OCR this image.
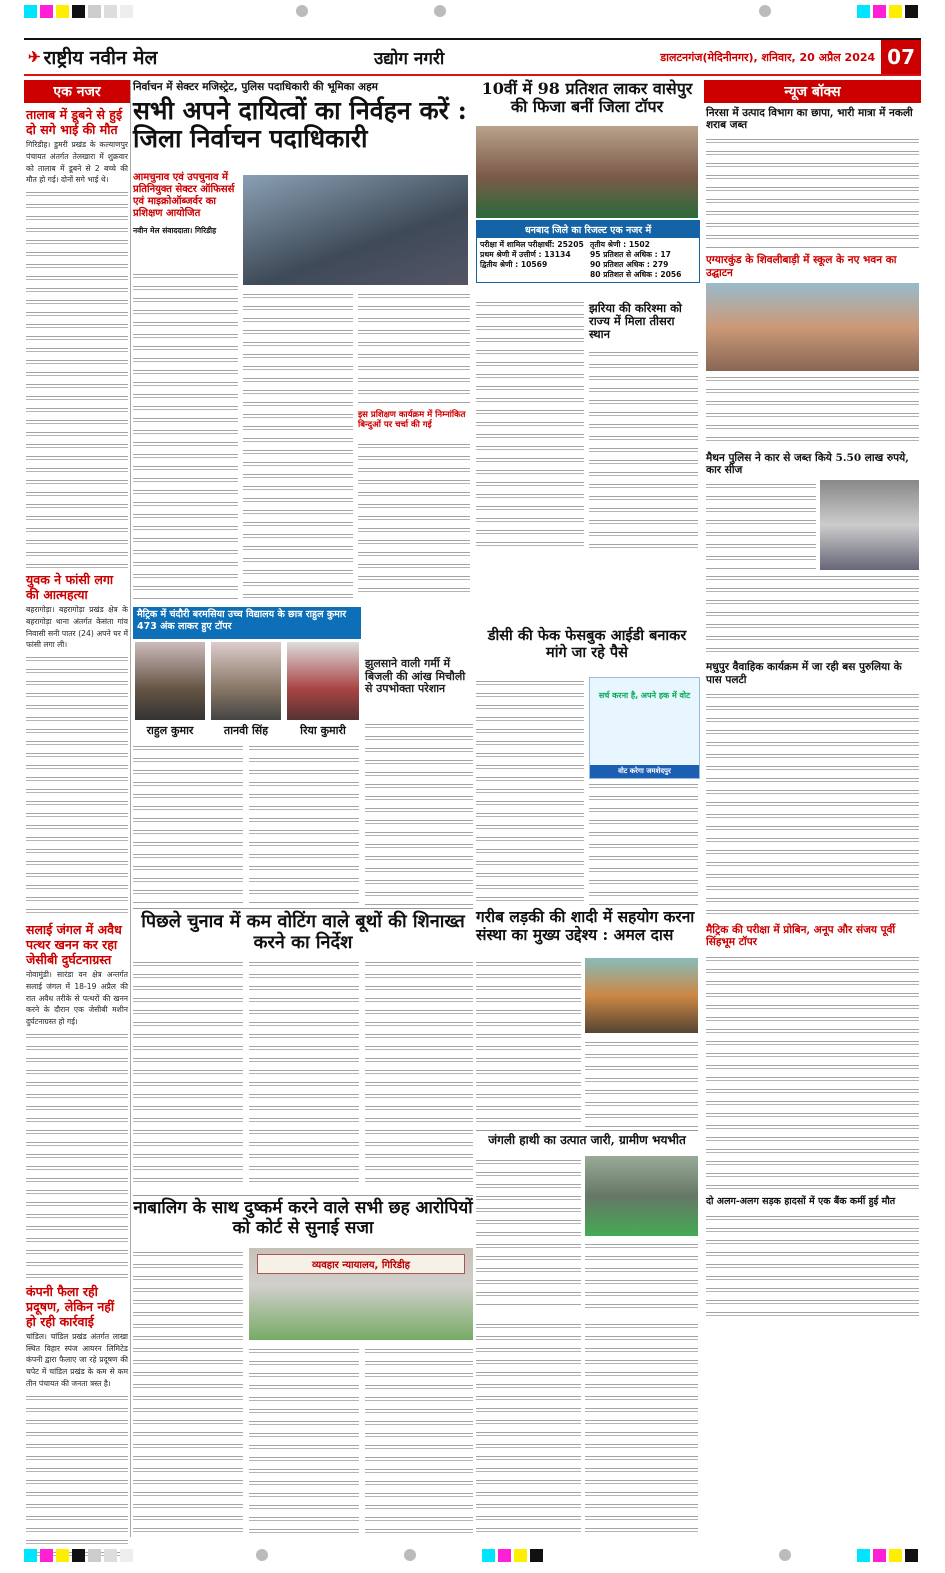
✈ राष्ट्रीय नवीन मेल	उद्योग नगरी	डालटनगंज(मेदिनीनगर), शनिवार, 20 अप्रैल 2024 07
एक नजर
तालाब में डूबने से हुई दो सगे भाई की मौत
गिरिडीह। डुमरी प्रखंड के कल्याणपुर पंचायत अंतर्गत तेलखारा में शुक्रवार को तालाब में डूबने से 2 बच्चे की मौत हो गई। दोनों सगे भाई थे।
युवक ने फांसी लगा की आत्महत्या
बहरागोड़ा। बहरागोड़ा प्रखंड क्षेत्र के बहरागोड़ा थाना अंतर्गत केसंता गांव निवासी सनी पातर (24) अपने घर में फांसी लगा ली।
सलाई जंगल में अवैध पत्थर खनन कर रहा जेसीबी दुर्घटनाग्रस्त
नोवामुंडी। सारंडा वन क्षेत्र अन्तर्गत सलाई जंगल में 18-19 अप्रैल की रात अवैध तरीके से पत्थरों की खनन करने के दौरान एक जेसीबी मशीन दुर्घटनाग्रस्त हो गई।
कंपनी फैला रही प्रदूषण, लेकिन नहीं हो रही कार्रवाई
चांडिल। चांडिल प्रखंड अंतर्गत लाखा स्थित विहार स्पंज आयरन लिमिटेड कंपनी द्वारा फैलाए जा रहे प्रदूषण की चपेट में चांडिल प्रखंड के कम से कम तीन पंचायत की जनता त्रस्त है।
निर्वाचन में सेक्टर मजिस्ट्रेट, पुलिस पदाधिकारी की भूमिका अहम
सभी अपने दायित्वों का निर्वहन करें : जिला निर्वाचन पदाधिकारी
आमचुनाव एवं उपचुनाव में प्रतिनियुक्त सेक्टर ऑफिसर्स एवं माइक्रोऑब्जर्वर का प्रशिक्षण आयोजित
नवीन मेल संवाददाता। गिरिडीह
इस प्रशिक्षण कार्यक्रम में निम्नांकित बिन्दुओं पर चर्चा की गई
10वीं में 98 प्रतिशत लाकर वासेपुर की फिजा बनीं जिला टॉपर
धनबाद जिले का रिजल्ट एक नजर में
परीक्षा में शामिल परीक्षार्थी: 25205
प्रथम श्रेणी में उत्तीर्ण : 13134
द्वितीय श्रेणी : 10569
तृतीय श्रेणी : 1502
95 प्रतिशत से अधिक : 17
90 प्रतिशत अधिक : 279
80 प्रतिशत से अधिक : 2056
झरिया की करिश्मा को राज्य में मिला तीसरा स्थान
मैट्रिक में चंदौरी बरमसिया उच्च विद्यालय के छात्र राहुल कुमार 473 अंक लाकर हुए टॉपर
राहुल कुमार	तानवी सिंह	रिया कुमारी
झुलसाने वाली गर्मी में बिजली की आंख मिचौली से उपभोक्ता परेशान
डीसी की फेक फेसबुक आईडी बनाकर मांगे जा रहे पैसे
सर्च करना है, अपने हक में वोट
वोट करेगा जमशेदपुर
पिछले चुनाव में कम वोटिंग वाले बूथों की शिनाख्त करने का निर्देश
गरीब लड़की की शादी में सहयोग करना संस्था का मुख्य उद्देश्य : अमल दास
जंगली हाथी का उत्पात जारी, ग्रामीण भयभीत
नाबालिग के साथ दुष्कर्म करने वाले सभी छह आरोपियों को कोर्ट से सुनाई सजा
व्यवहार न्यायालय, गिरिडीह
न्यूज बॉक्स
निरसा में उत्पाद विभाग का छापा, भारी मात्रा में नकली शराब जब्त
एग्यारकुंड के शिवलीबाड़ी में स्कूल के नए भवन का उद्घाटन
मैथन पुलिस ने कार से जब्त किये 5.50 लाख रुपये, कार सीज
मधुपुर वैवाहिक कार्यक्रम में जा रही बस पुरुलिया के पास पलटी
मैट्रिक की परीक्षा में प्रोबिन, अनूप और संजय पूर्वी सिंहभूम टॉपर
दो अलग-अलग सड़क हादसों में एक बैंक कर्मी हुई मौत
